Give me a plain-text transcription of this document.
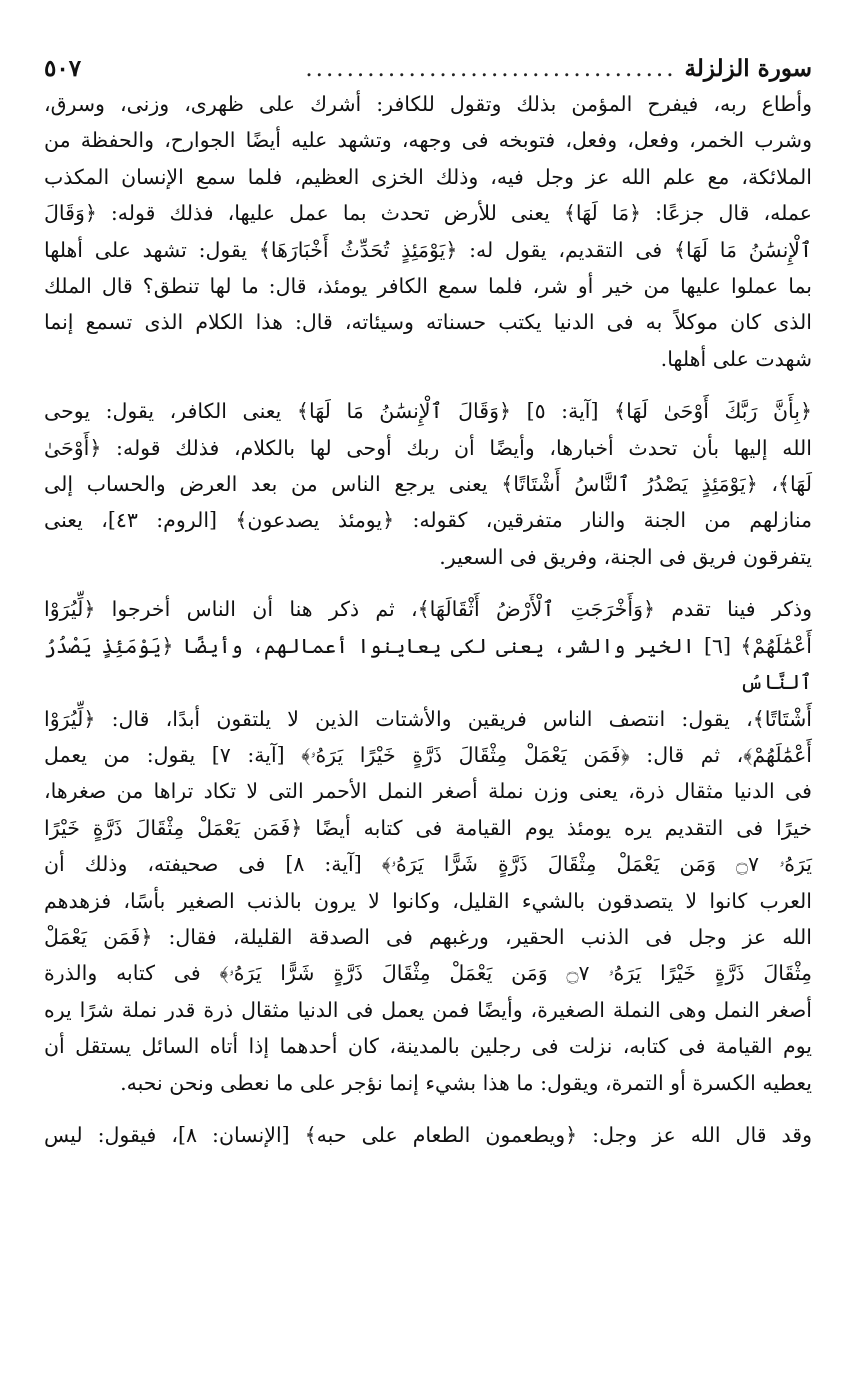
سورة الزلزلة
....................................
٥٠٧

وأطاع ربه، فيفرح المؤمن بذلك وتقول للكافر: أشرك على ظهرى، وزنى، وسرق،
وشرب الخمر، وفعل، وفعل، فتوبخه فى وجهه، وتشهد عليه أيضًا الجوارح، والحفظة من
الملائكة، مع علم الله عز وجل فيه، وذلك الخزى العظيم، فلما سمع الإنسان المكذب
عمله، قال جزعًا: ﴿مَا لَهَا﴾ يعنى للأرض تحدث بما عمل عليها، فذلك قوله: ﴿وَقَالَ
ٱلْإِنسَٰنُ مَا لَهَا﴾ فى التقديم، يقول له: ﴿يَوْمَئِذٍ تُحَدِّثُ أَخْبَارَهَا﴾ يقول: تشهد على أهلها
بما عملوا عليها من خير أو شر، فلما سمع الكافر يومئذ، قال: ما لها تنطق؟ قال الملك
الذى كان موكلاً به فى الدنيا يكتب حسناته وسيئاته، قال: هذا الكلام الذى تسمع إنما
شهدت على أهلها.

﴿بِأَنَّ رَبَّكَ أَوْحَىٰ لَهَا﴾ [آية: ٥] ﴿وَقَالَ ٱلْإِنسَٰنُ مَا لَهَا﴾ يعنى الكافر، يقول: يوحى
الله إليها بأن تحدث أخبارها، وأيضًا أن ربك أوحى لها بالكلام، فذلك قوله: ﴿أَوْحَىٰ
لَهَا﴾، ﴿يَوْمَئِذٍ يَصْدُرُ ٱلنَّاسُ أَشْتَاتًا﴾ يعنى يرجع الناس من بعد العرض والحساب إلى
منازلهم من الجنة والنار متفرقين، كقوله: ﴿يومئذ يصدعون﴾ [الروم: ٤٣]، يعنى
يتفرقون فريق فى الجنة، وفريق فى السعير.

وذكر فينا تقدم ﴿وَأَخْرَجَتِ ٱلْأَرْضُ أَثْقَالَهَا﴾، ثم ذكر هنا أن الناس أخرجوا ﴿لِّيُرَوْا
أَعْمَٰلَهُمْ﴾ [٦] الخير والشر، يعنى لكى يعاينوا أعمالهم، وأيضًا ﴿يَوْمَئِذٍ يَصْدُرُ ٱلنَّاسُ
أَشْتَاتًا﴾، يقول: انتصف الناس فريقين والأشتات الذين لا يلتقون أبدًا، قال: ﴿لِّيُرَوْا
أَعْمَٰلَهُمْ﴾، ثم قال: ﴿فَمَن يَعْمَلْ مِثْقَالَ ذَرَّةٍ خَيْرًا يَرَهُۥ﴾ [آية: ٧] يقول: من يعمل
فى الدنيا مثقال ذرة، يعنى وزن نملة أصغر النمل الأحمر التى لا تكاد تراها من صغرها،
خيرًا فى التقديم يره يومئذ يوم القيامة فى كتابه أيضًا ﴿فَمَن يَعْمَلْ مِثْقَالَ ذَرَّةٍ خَيْرًا
يَرَهُۥ ۝٧ وَمَن يَعْمَلْ مِثْقَالَ ذَرَّةٍ شَرًّا يَرَهُۥ﴾ [آية: ٨] فى صحيفته، وذلك أن
العرب كانوا لا يتصدقون بالشيء القليل، وكانوا لا يرون بالذنب الصغير بأسًا، فزهدهم
الله عز وجل فى الذنب الحقير، ورغبهم فى الصدقة القليلة، فقال: ﴿فَمَن يَعْمَلْ
مِثْقَالَ ذَرَّةٍ خَيْرًا يَرَهُۥ ۝٧ وَمَن يَعْمَلْ مِثْقَالَ ذَرَّةٍ شَرًّا يَرَهُۥ﴾ فى كتابه والذرة
أصغر النمل وهى النملة الصغيرة، وأيضًا فمن يعمل فى الدنيا مثقال ذرة قدر نملة شرًا يره
يوم القيامة فى كتابه، نزلت فى رجلين بالمدينة، كان أحدهما إذا أتاه السائل يستقل أن
يعطيه الكسرة أو التمرة، ويقول: ما هذا بشيء إنما نؤجر على ما نعطى ونحن نحبه.

وقد قال الله عز وجل: ﴿ويطعمون الطعام على حبه﴾ [الإنسان: ٨]، فيقول: ليس
